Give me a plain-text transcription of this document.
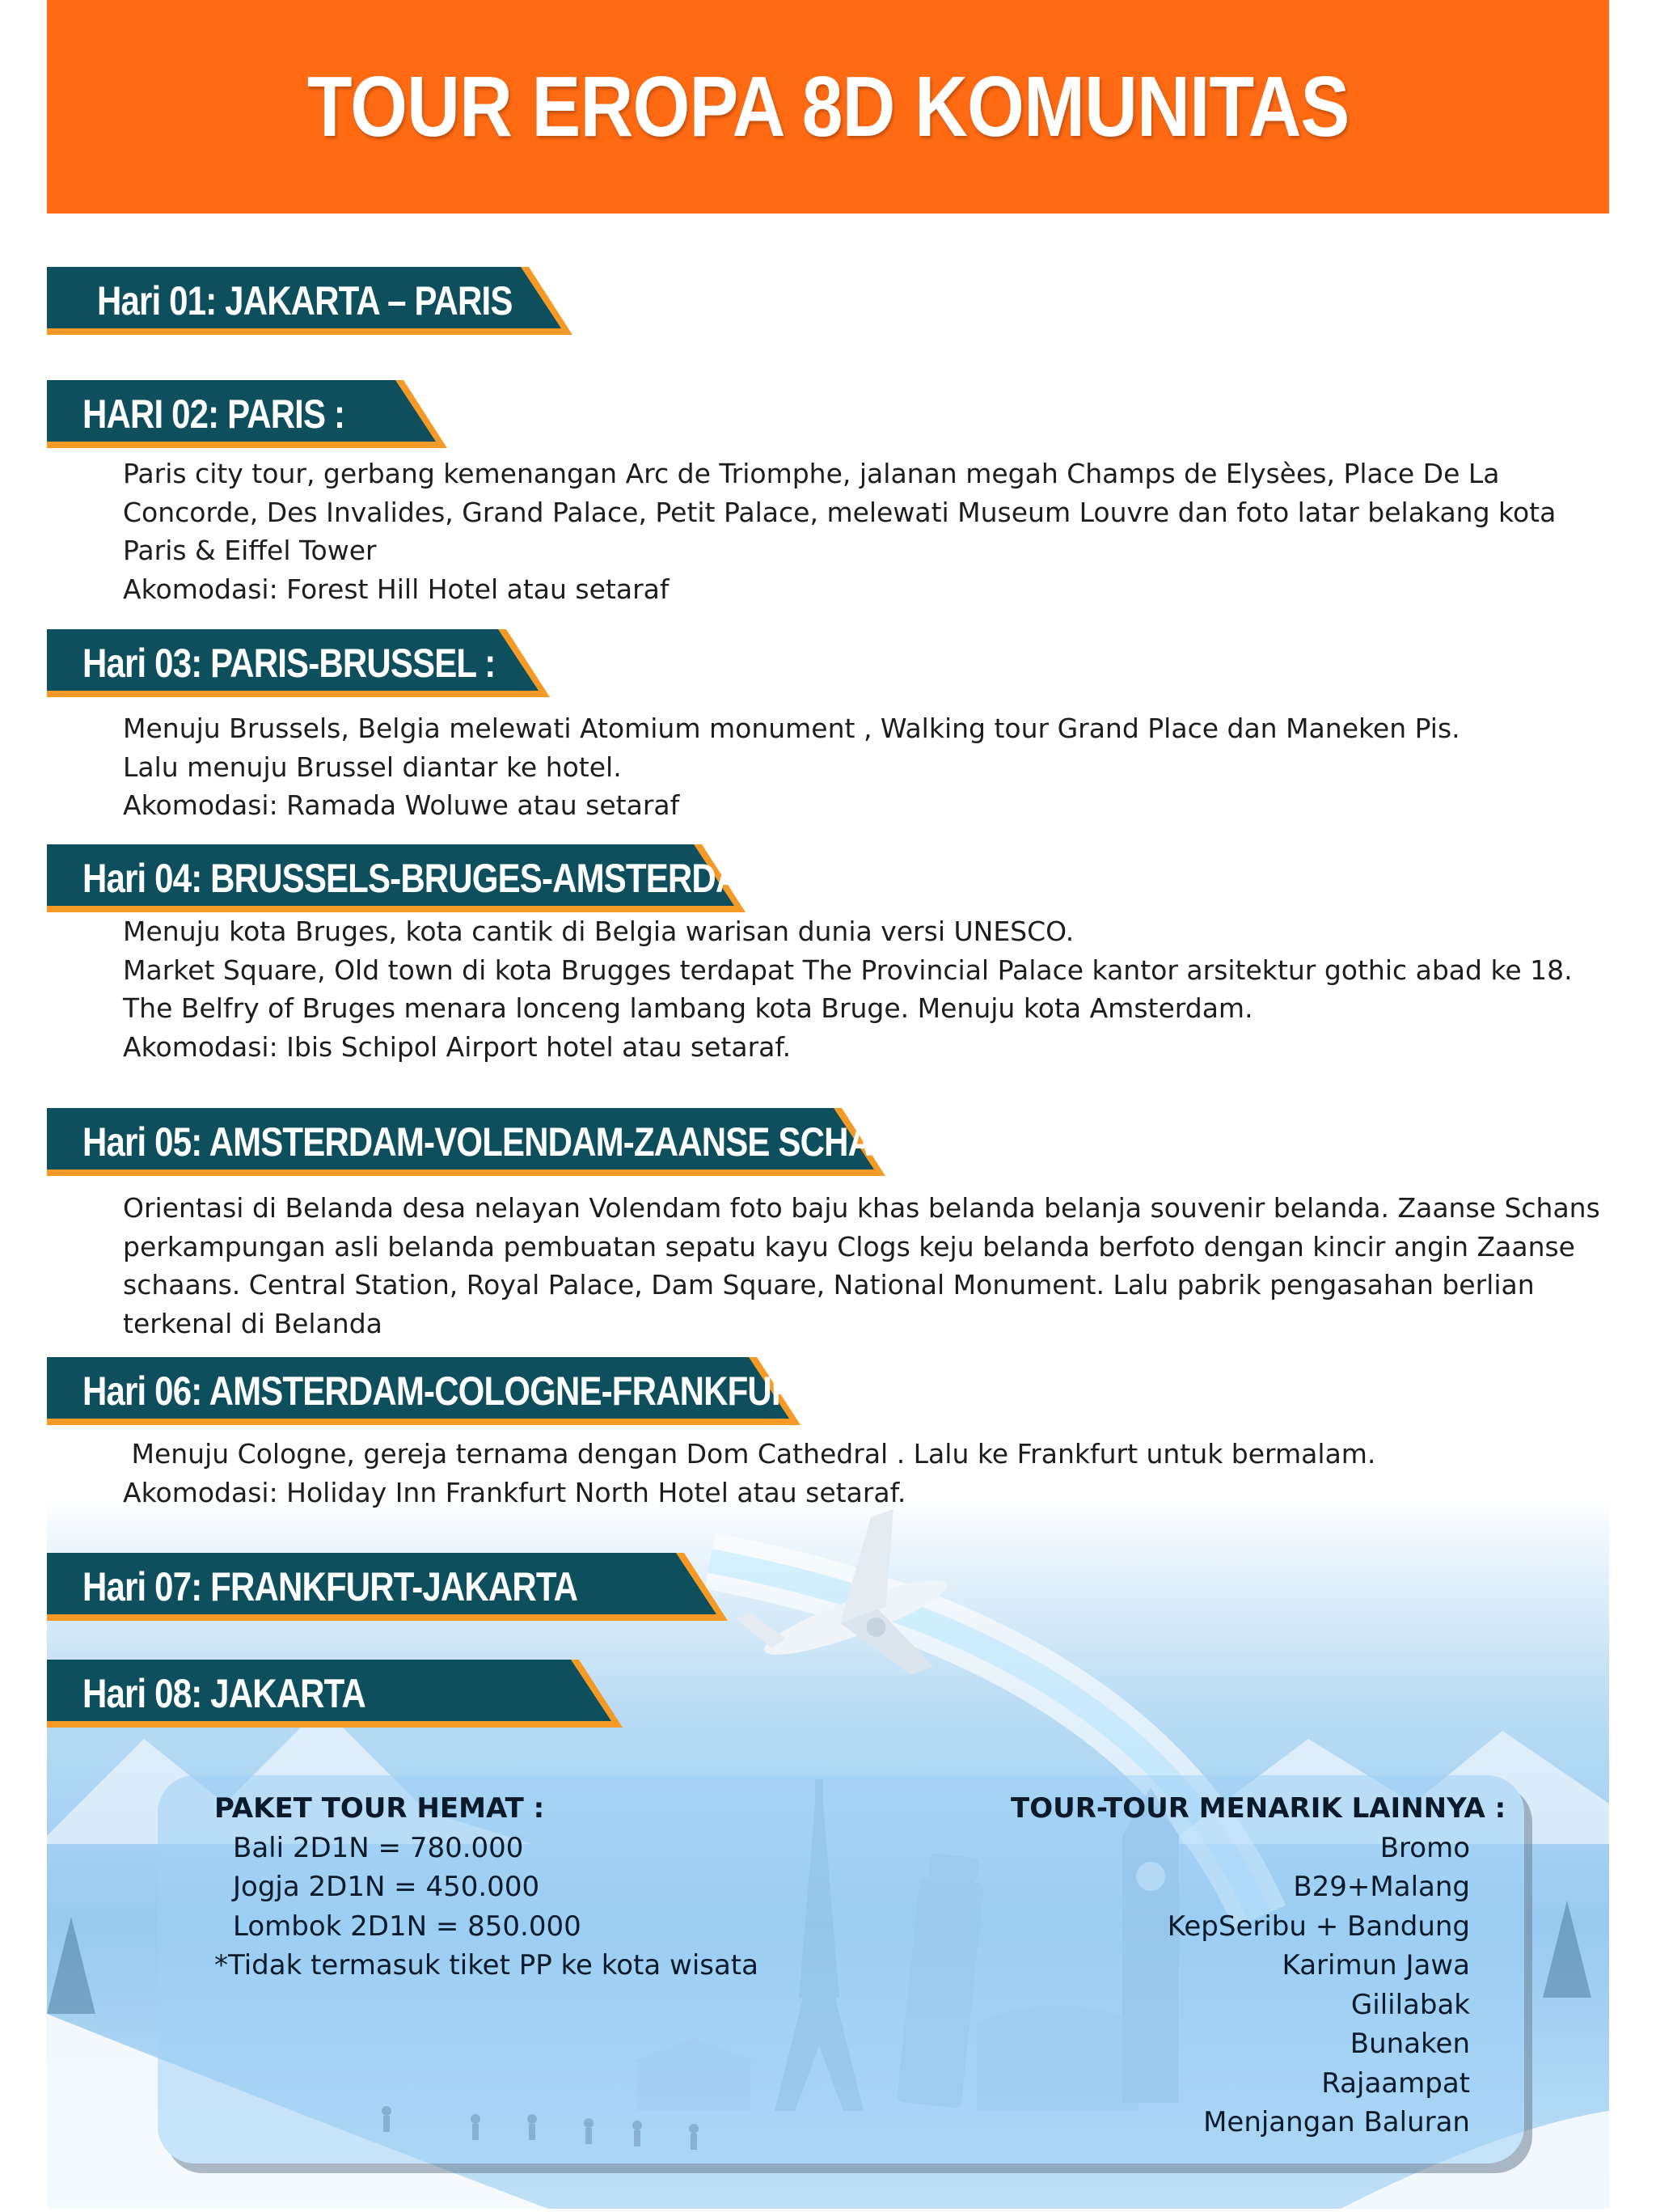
TOUR EROPA 8D KOMUNITAS
Hari 01: JAKARTA – PARIS
HARI 02: PARIS :

Paris city tour, gerbang kemenangan Arc de Triomphe, jalanan megah Champs de Elysèes, Place De La

Concorde, Des Invalides, Grand Palace, Petit Palace, melewati Museum Louvre dan foto latar belakang kota

Paris & Eiffel Tower

Akomodasi: Forest Hill Hotel atau setaraf

Hari 03: PARIS-BRUSSEL :

Menuju Brussels, Belgia melewati Atomium monument , Walking tour Grand Place dan Maneken Pis.

Lalu menuju Brussel diantar ke hotel.

Akomodasi: Ramada Woluwe atau setaraf

Hari 04: BRUSSELS-BRUGES-AMSTERDAM :

Menuju kota Bruges, kota cantik di Belgia warisan dunia versi UNESCO.

Market Square, Old town di kota Brugges terdapat The Provincial Palace kantor arsitektur gothic abad ke 18.

The Belfry of Bruges menara lonceng lambang kota Bruge. Menuju kota Amsterdam.

Akomodasi: Ibis Schipol Airport hotel atau setaraf.

Hari 05: AMSTERDAM-VOLENDAM-ZAANSE SCHAANS:

Orientasi di Belanda desa nelayan Volendam foto baju khas belanda belanja souvenir belanda. Zaanse Schans

perkampungan asli belanda pembuatan sepatu kayu Clogs keju belanda berfoto dengan kincir angin Zaanse

schaans. Central Station, Royal Palace, Dam Square, National Monument. Lalu pabrik pengasahan berlian

terkenal di Belanda

Hari 06: AMSTERDAM-COLOGNE-FRANKFURT :

Menuju Cologne, gereja ternama dengan Dom Cathedral . Lalu ke Frankfurt untuk bermalam.

Akomodasi: Holiday Inn Frankfurt North Hotel atau setaraf.

Hari 07: FRANKFURT-JAKARTA
Hari 08: JAKARTA
PAKET TOUR HEMAT :
Bali 2D1N = 780.000
Jogja 2D1N = 450.000
Lombok 2D1N = 850.000
*Tidak termasuk tiket PP ke kota wisata
TOUR-TOUR MENARIK LAINNYA :
Bromo
B29+Malang
KepSeribu + Bandung
Karimun Jawa
Gililabak
Bunaken
Rajaampat
Menjangan Baluran
